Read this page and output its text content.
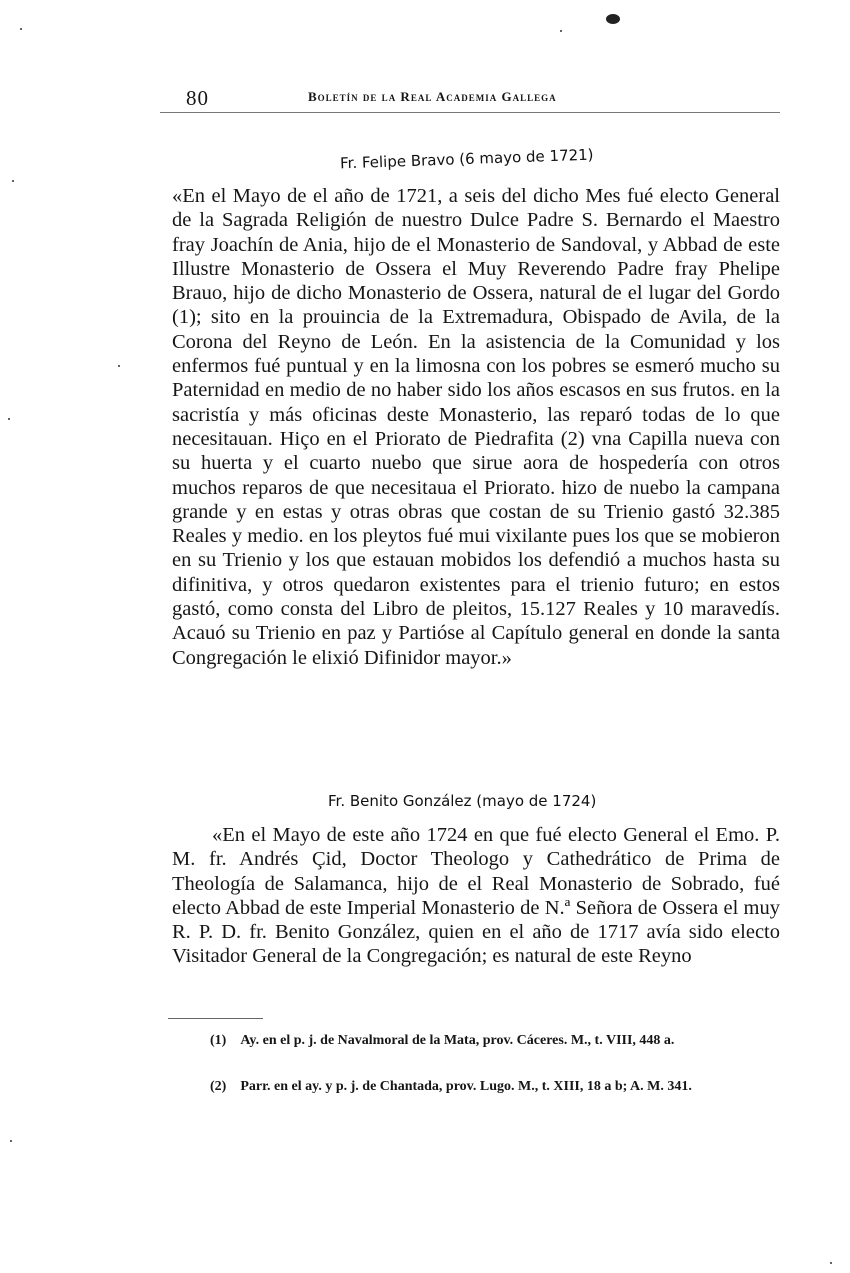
80	Boletín de la Real Academia Gallega
Fr. Felipe Bravo (6 mayo de 1721)
«En el Mayo de el año de 1721, a seis del dicho Mes fué electo General de la Sagrada Religión de nuestro Dulce Padre S. Bernardo el Maestro fray Joachín de Ania, hijo de el Monasterio de Sandoval, y Abbad de este Illustre Monasterio de Ossera el Muy Reverendo Padre fray Phelipe Brauo, hijo de dicho Monasterio de Ossera, natural de el lugar del Gordo (1); sito en la prouincia de la Extremadura, Obispado de Avila, de la Corona del Reyno de León. En la asistencia de la Comunidad y los enfermos fué puntual y en la limosna con los pobres se esmeró mucho su Paternidad en medio de no haber sido los años escasos en sus frutos. en la sacristía y más oficinas deste Monasterio, las reparó todas de lo que necesitauan. Hiço en el Priorato de Piedrafita (2) vna Capilla nueva con su huerta y el cuarto nuebo que sirue aora de hospedería con otros muchos reparos de que necesitaua el Priorato. hizo de nuebo la campana grande y en estas y otras obras que costan de su Trienio gastó 32.385 Reales y medio. en los pleytos fué mui vixilante pues los que se mobieron en su Trienio y los que estauan mobidos los defendió a muchos hasta su difinitiva, y otros quedaron existentes para el trienio futuro; en estos gastó, como consta del Libro de pleitos, 15.127 Reales y 10 maravedís. Acauó su Trienio en paz y Partióse al Capítulo general en donde la santa Congregación le elixió Difinidor mayor.»
Fr. Benito González (mayo de 1724)
«En el Mayo de este año 1724 en que fué electo General el Emo. P. M. fr. Andrés Çid, Doctor Theologo y Cathedrático de Prima de Theología de Salamanca, hijo de el Real Monasterio de Sobrado, fué electo Abbad de este Imperial Monasterio de N.ª Señora de Ossera el muy R. P. D. fr. Benito González, quien en el año de 1717 avía sido electo Visitador General de la Congregación; es natural de este Reyno
(1) Ay. en el p. j. de Navalmoral de la Mata, prov. Cáceres. M., t. VIII, 448 a.
(2) Parr. en el ay. y p. j. de Chantada, prov. Lugo. M., t. XIII, 18 a b; A. M. 341.
